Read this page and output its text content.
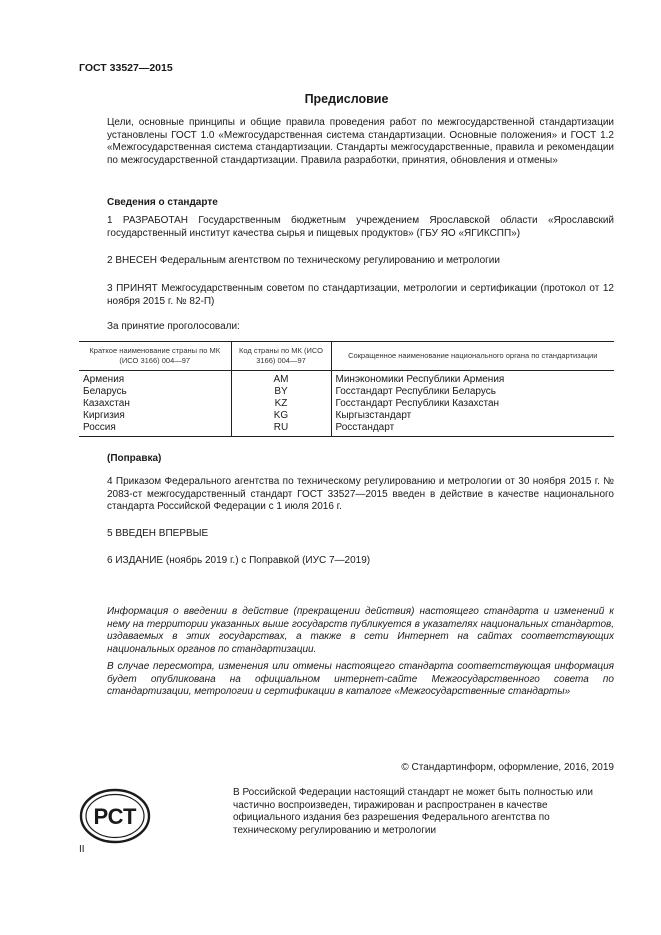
ГОСТ 33527—2015
Предисловие
Цели, основные принципы и общие правила проведения работ по межгосударственной стандартизации установлены ГОСТ 1.0 «Межгосударственная система стандартизации. Основные положения» и ГОСТ 1.2 «Межгосударственная система стандартизации. Стандарты межгосударственные, правила и рекомендации по межгосударственной стандартизации. Правила разработки, принятия, обновления и отмены»
Сведения о стандарте
1 РАЗРАБОТАН Государственным бюджетным учреждением Ярославской области «Ярославский государственный институт качества сырья и пищевых продуктов» (ГБУ ЯО «ЯГИКСПП»)
2 ВНЕСЕН Федеральным агентством по техническому регулированию и метрологии
3 ПРИНЯТ Межгосударственным советом по стандартизации, метрологии и сертификации (протокол от 12 ноября 2015 г. № 82-П)
За принятие проголосовали:
Краткое наименование страны по МК (ИСО 3166) 004—97	Код страны по МК (ИСО 3166) 004—97	Сокращенное наименование национального органа по стандартизации
Армения	AM	Минэкономики Республики Армения
Беларусь	BY	Госстандарт Республики Беларусь
Казахстан	KZ	Госстандарт Республики Казахстан
Киргизия	KG	Кыргызстандарт
Россия	RU	Росстандарт
(Поправка)
4 Приказом Федерального агентства по техническому регулированию и метрологии от 30 ноября 2015 г. № 2083-ст межгосударственный стандарт ГОСТ 33527—2015 введен в действие в качестве национального стандарта Российской Федерации с 1 июля 2016 г.
5 ВВЕДЕН ВПЕРВЫЕ
6 ИЗДАНИЕ (ноябрь 2019 г.) с Поправкой (ИУС 7—2019)
Информация о введении в действие (прекращении действия) настоящего стандарта и изменений к нему на территории указанных выше государств публикуется в указателях национальных стандартов, издаваемых в этих государствах, а также в сети Интернет на сайтах соответствующих национальных органов по стандартизации.
В случае пересмотра, изменения или отмены настоящего стандарта соответствующая информация будет опубликована на официальном интернет-сайте Межгосударственного совета по стандартизации, метрологии и сертификации в каталоге «Межгосударственные стандарты»
© Стандартинформ, оформление, 2016, 2019
РСТ
В Российской Федерации настоящий стандарт не может быть полностью или частично воспроизведен, тиражирован и распространен в качестве официального издания без разрешения Федерального агентства по техническому регулированию и метрологии
II
